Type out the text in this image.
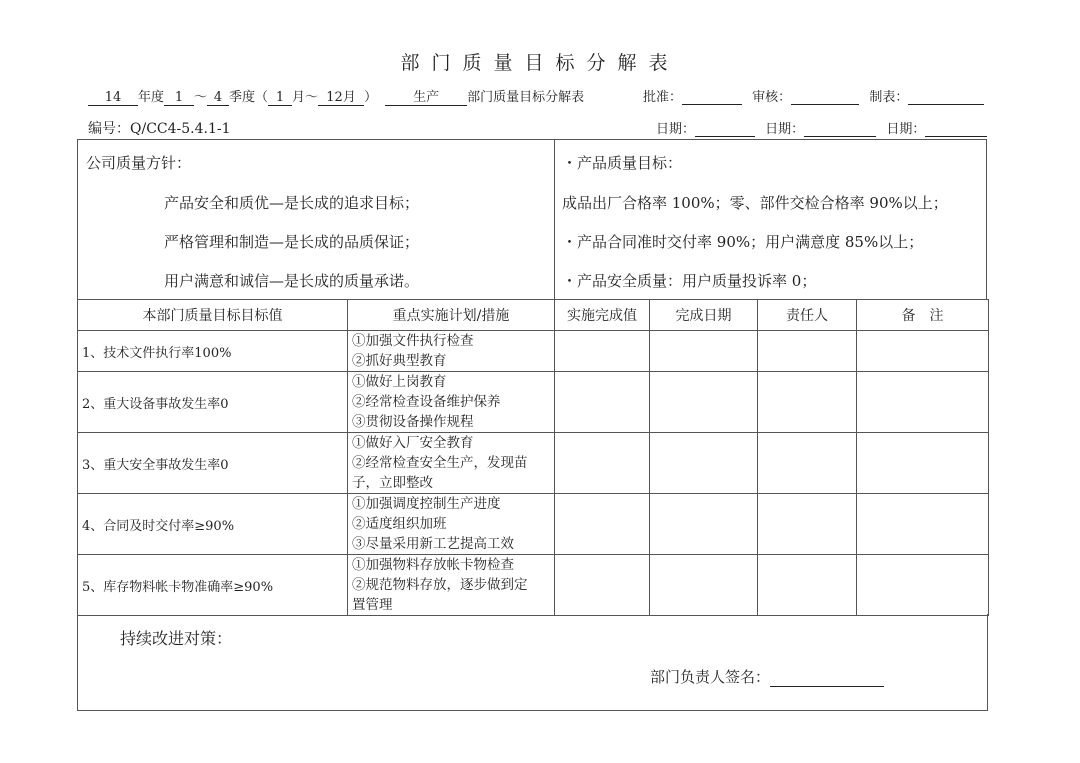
部门质量目标分解表
14 年度 1 ～ 4 季度（ 1 月～ 12月 ）	生产 部门质量目标分解表	批准：	审核：	制表：
编号：Q/CC4-5.4.1-1	日期：	日期：	日期：
公司质量方针：
产品安全和质优—是长成的追求目标；
严格管理和制造—是长成的品质保证；
用户满意和诚信—是长成的质量承诺。
・产品质量目标：
成品出厂合格率 100%；零、部件交检合格率 90%以上；
・产品合同准时交付率 90%；用户满意度 85%以上；
・产品安全质量：用户质量投诉率 0；
本部门质量目标目标值	重点实施计划/措施	实施完成值	完成日期	责任人	备　注
1、技术文件执行率100%	①加强文件执行检查
②抓好典型教育				

2、重大设备事故发生率0	①做好上岗教育
②经常检查设备维护保养
③贯彻设备操作规程				

3、重大安全事故发生率0	①做好入厂安全教育
②经常检查安全生产，发现苗
子，立即整改				

4、合同及时交付率≥90%	①加强调度控制生产进度
②适度组织加班
③尽量采用新工艺提高工效				

5、库存物料帐卡物准确率≥90%	①加强物料存放帐卡物检查
②规范物料存放，逐步做到定
置管理				

持续改进对策：
部门负责人签名：
